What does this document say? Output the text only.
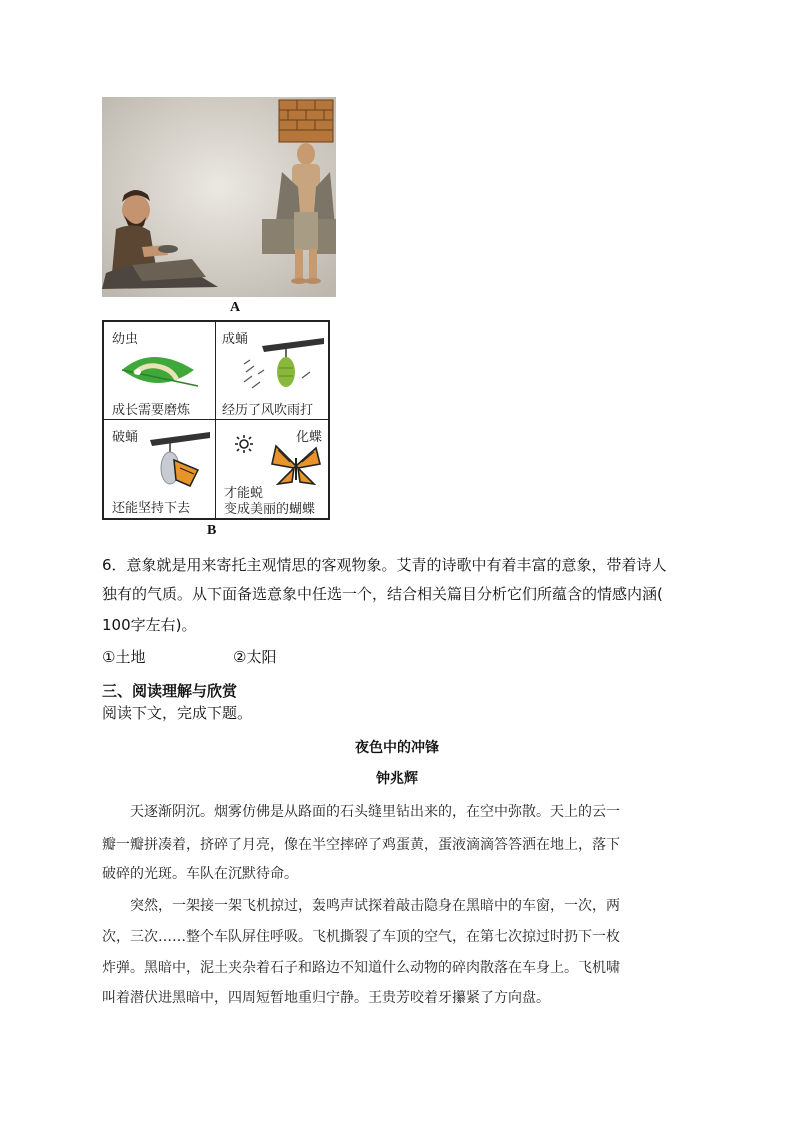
A
幼虫
成长需要磨炼
成蛹
经历了风吹雨打
破蛹
还能坚持下去
化蝶
才能蜕
变成美丽的蝴蝶
B
6．意象就是用来寄托主观情思的客观物象。艾青的诗歌中有着丰富的意象，带着诗人
独有的气质。从下面备选意象中任选一个，结合相关篇目分析它们所蕴含的情感内涵(
100字左右)。
①土地	②太阳
三、阅读理解与欣赏
阅读下文，完成下题。
夜色中的冲锋
钟兆辉
天逐渐阴沉。烟雾仿佛是从路面的石头缝里钻出来的，在空中弥散。天上的云一
瓣一瓣拼凑着，挤碎了月亮，像在半空摔碎了鸡蛋黄，蛋液滴滴答答洒在地上，落下
破碎的光斑。车队在沉默待命。
突然，一架接一架飞机掠过，轰鸣声试探着敲击隐身在黑暗中的车窗，一次，两
次，三次……整个车队屏住呼吸。飞机撕裂了车顶的空气，在第七次掠过时扔下一枚
炸弹。黑暗中，泥土夹杂着石子和路边不知道什么动物的碎肉散落在车身上。飞机啸
叫着潜伏进黑暗中，四周短暂地重归宁静。王贵芳咬着牙攥紧了方向盘。
